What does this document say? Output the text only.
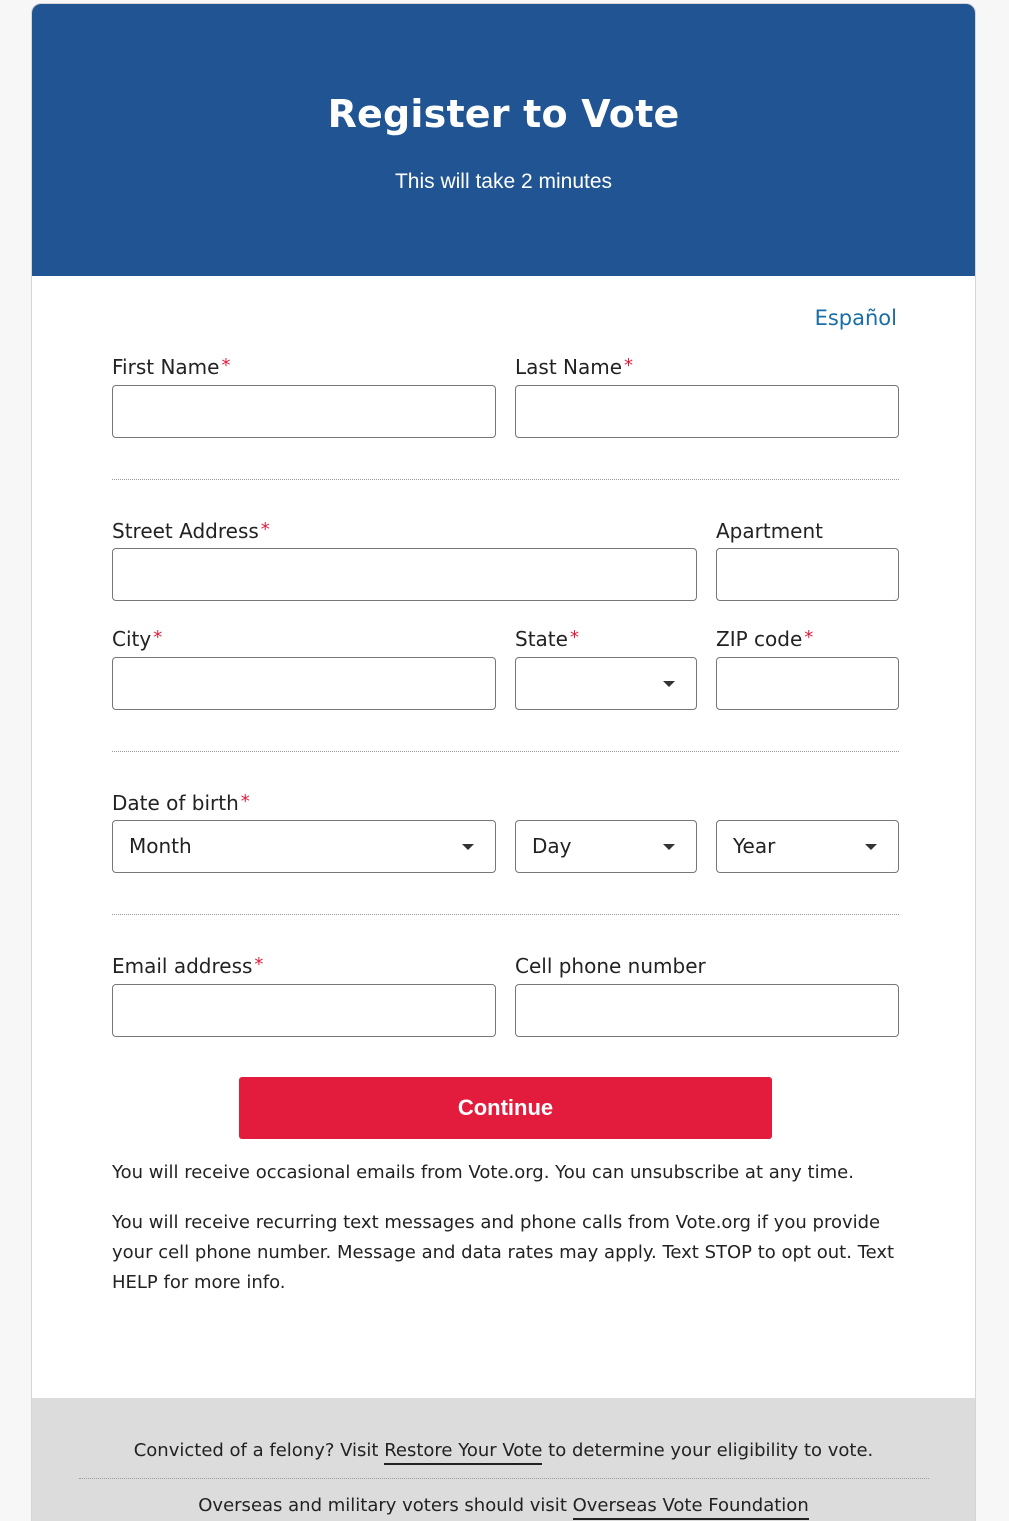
Register to Vote
This will take 2 minutes
Español
First Name *	Last Name *
Street Address *	Apartment
City *	State *	ZIP code *
Date of birth *
Month	Day	Year
Email address *	Cell phone number
Continue

You will receive occasional emails from Vote.org. You can unsubscribe at any time.

You will receive recurring text messages and phone calls from Vote.org if you provide your cell phone number. Message and data rates may apply. Text STOP to opt out. Text HELP for more info.

Convicted of a felony? Visit Restore Your Vote to determine your eligibility to vote.
Overseas and military voters should visit Overseas Vote Foundation
